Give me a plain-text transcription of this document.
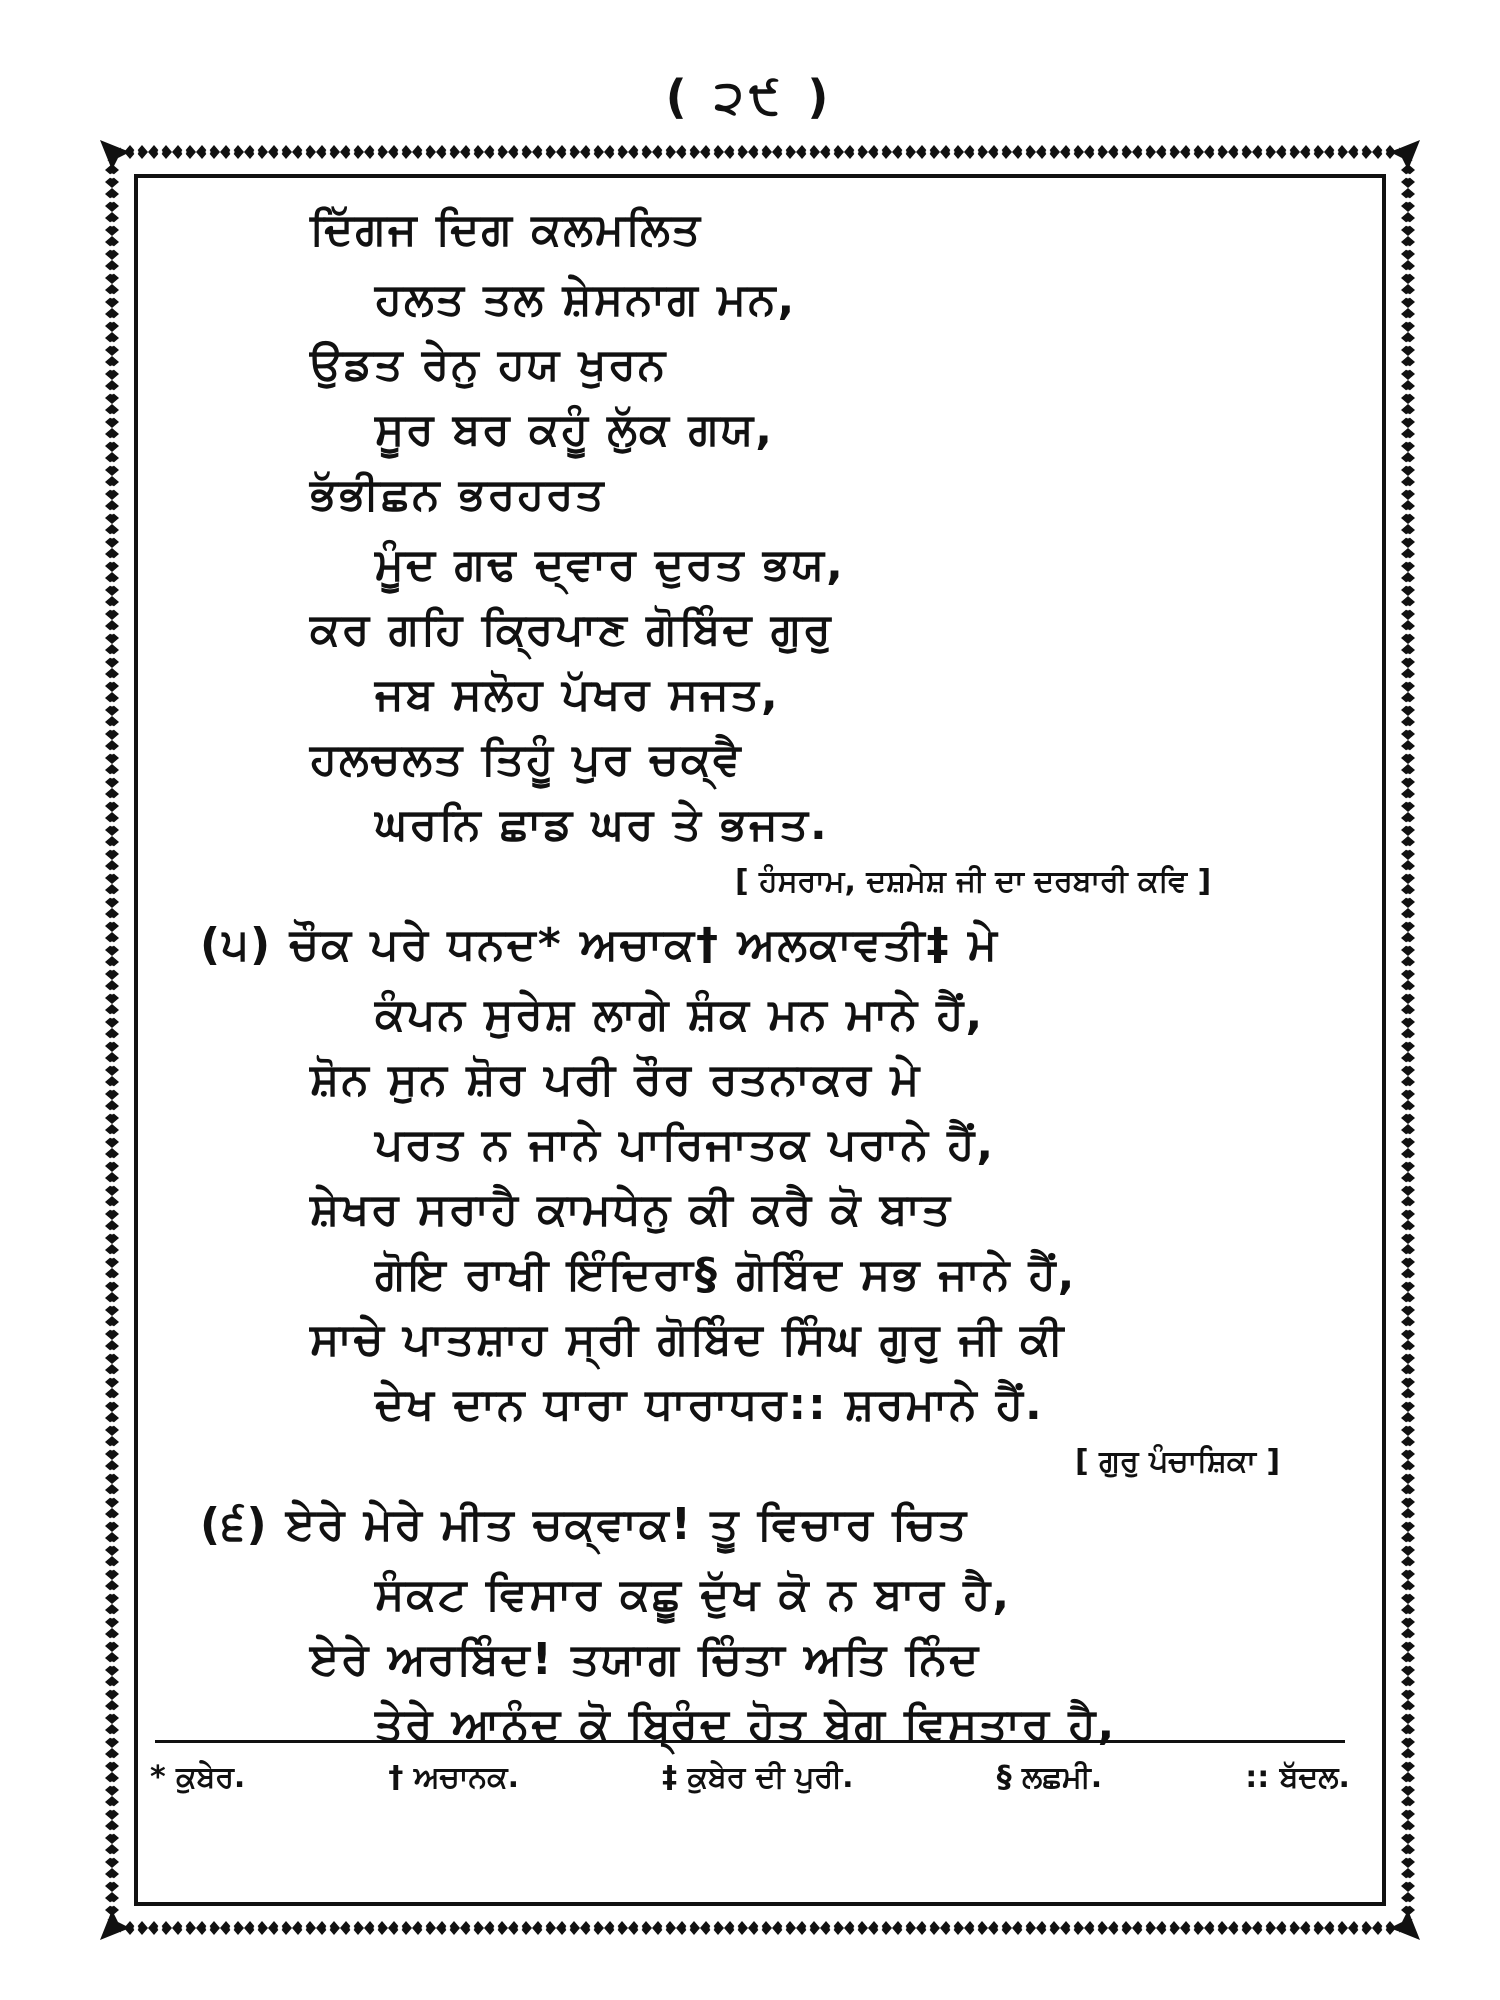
( ੨੯ )
ਦਿੱਗਜ ਦਿਗ ਕਲਮਲਿਤ
ਹਲਤ ਤਲ ਸ਼ੇਸਨਾਗ ਮਨ,
ਉਡਤ ਰੇਨੁ ਹਯ ਖੁਰਨ
ਸੂਰ ਬਰ ਕਹੂੰ ਲੁੱਕ ਗਯ,
ਭੱਭੀਛਨ ਭਰਹਰਤ
ਮੂੰਦ ਗਢ ਦ੍ਵਾਰ ਦੁਰਤ ਭਯ,
ਕਰ ਗਹਿ ਕ੍ਰਿਪਾਣ ਗੋਬਿੰਦ ਗੁਰੁ
ਜਬ ਸਲੋਹ ਪੱਖਰ ਸਜਤ,
ਹਲਚਲਤ ਤਿਹੂੰ ਪੁਰ ਚਕ੍ਵੈ
ਘਰਨਿ ਛਾਡ ਘਰ ਤੇ ਭਜਤ.
[ ਹੰਸਰਾਮ, ਦਸ਼ਮੇਸ਼ ਜੀ ਦਾ ਦਰਬਾਰੀ ਕਵਿ ]
(੫) ਚੌਕ ਪਰੇ ਧਨਦ* ਅਚਾਕ† ਅਲਕਾਵਤੀ‡ ਮੇ
ਕੰਪਨ ਸੁਰੇਸ਼ ਲਾਗੇ ਸ਼ੰਕ ਮਨ ਮਾਨੇ ਹੈਂ,
ਸ਼ੋਨ ਸੁਨ ਸ਼ੋਰ ਪਰੀ ਰੌਰ ਰਤਨਾਕਰ ਮੇ
ਪਰਤ ਨ ਜਾਨੇ ਪਾਰਿਜਾਤਕ ਪਰਾਨੇ ਹੈਂ,
ਸ਼ੇਖਰ ਸਰਾਹੈ ਕਾਮਧੇਨੁ ਕੀ ਕਰੈ ਕੋ ਬਾਤ
ਗੋਇ ਰਾਖੀ ਇੰਦਿਰਾ§ ਗੋਬਿੰਦ ਸਭ ਜਾਨੇ ਹੈਂ,
ਸਾਚੇ ਪਾਤਸ਼ਾਹ ਸ੍ਰੀ ਗੋਬਿੰਦ ਸਿੰਘ ਗੁਰੁ ਜੀ ਕੀ
ਦੇਖ ਦਾਨ ਧਾਰਾ ਧਾਰਾਧਰ:: ਸ਼ਰਮਾਨੇ ਹੈਂ.
[ ਗੁਰੁ ਪੰਚਾਸ਼ਿਕਾ ]
(੬) ਏਰੇ ਮੇਰੇ ਮੀਤ ਚਕ੍ਵਾਕ! ਤੂ ਵਿਚਾਰ ਚਿਤ
ਸੰਕਟ ਵਿਸਾਰ ਕਛੂ ਦੁੱਖ ਕੋ ਨ ਬਾਰ ਹੈ,
ਏਰੇ ਅਰਬਿੰਦ! ਤਯਾਗ ਚਿੰਤਾ ਅਤਿ ਨਿੰਦ
ਤੇਰੇ ਆਨੰਦ ਕੋ ਬ੍ਰਿੰਦ ਹੋਤ ਬੇਗ ਵਿਸਤਾਰ ਹੈ,
* ਕੁਬੇਰ.	† ਅਚਾਨਕ.	‡ ਕੁਬੇਰ ਦੀ ਪੁਰੀ.	§ ਲਛਮੀ.	:: ਬੱਦਲ.
